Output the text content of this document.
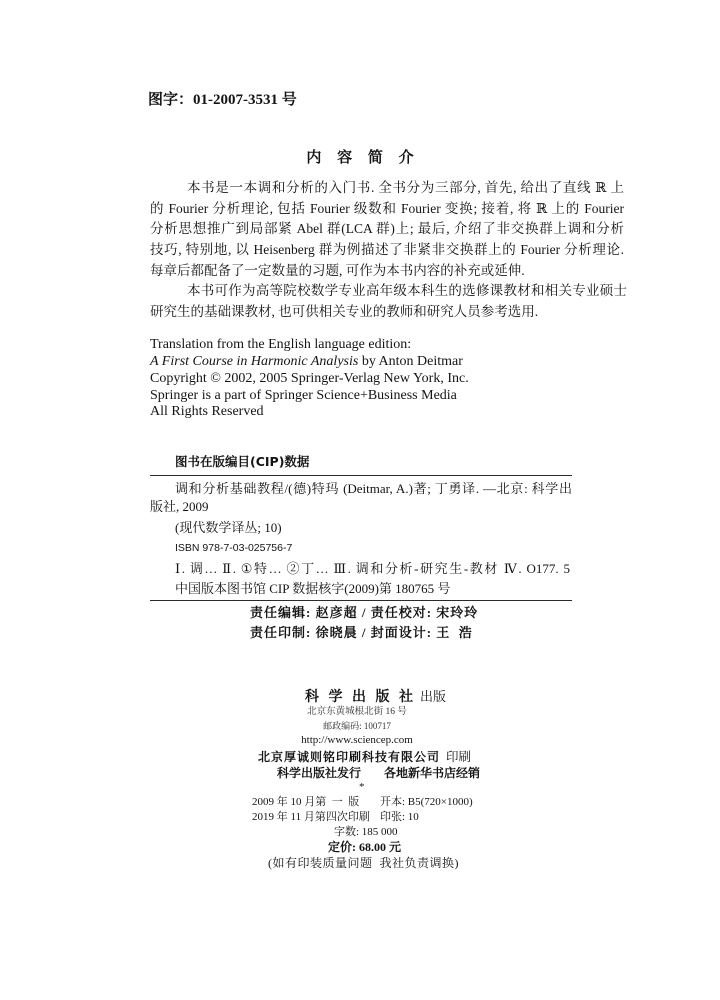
图字：01-2007-3531 号
内 容 简 介
本书是一本调和分析的入门书. 全书分为三部分, 首先, 给出了直线 ℝ 上
的 Fourier 分析理论, 包括 Fourier 级数和 Fourier 变换; 接着, 将 ℝ 上的 Fourier
分析思想推广到局部紧 Abel 群(LCA 群)上; 最后, 介绍了非交换群上调和分析
技巧, 特别地, 以 Heisenberg 群为例描述了非紧非交换群上的 Fourier 分析理论.
每章后都配备了一定数量的习题, 可作为本书内容的补充或延伸.
本书可作为高等院校数学专业高年级本科生的选修课教材和相关专业硕士
研究生的基础课教材, 也可供相关专业的教师和研究人员参考选用.
Translation from the English language edition:
A First Course in Harmonic Analysis by Anton Deitmar
Copyright © 2002, 2005 Springer-Verlag New York, Inc.
Springer is a part of Springer Science+Business Media
All Rights Reserved
图书在版编目(CIP)数据
调和分析基础教程/(德)特玛 (Deitmar, A.)著; 丁勇译. —北京: 科学出
版社, 2009
(现代数学译丛; 10)
ISBN 978-7-03-025756-7
Ⅰ. 调… Ⅱ. ①特… ②丁… Ⅲ. 调和分析-研究生-教材 Ⅳ. O177. 5
中国版本图书馆 CIP 数据核字(2009)第 180765 号
责任编辑: 赵彦超 / 责任校对: 宋玲玲
责任印制: 徐晓晨 / 封面设计: 王  浩
科 学 出 版 社 出版
北京东黄城根北街 16 号
邮政编码: 100717
http://www.sciencep.com
北京厚诚则铭印刷科技有限公司 印刷
科学出版社发行 各地新华书店经销
*
2009 年 10 月第  一  版 开本: B5(720×1000)
2019 年 11 月第四次印刷 印张: 10
字数: 185 000
定价: 68.00 元
(如有印装质量问题  我社负责调换)
